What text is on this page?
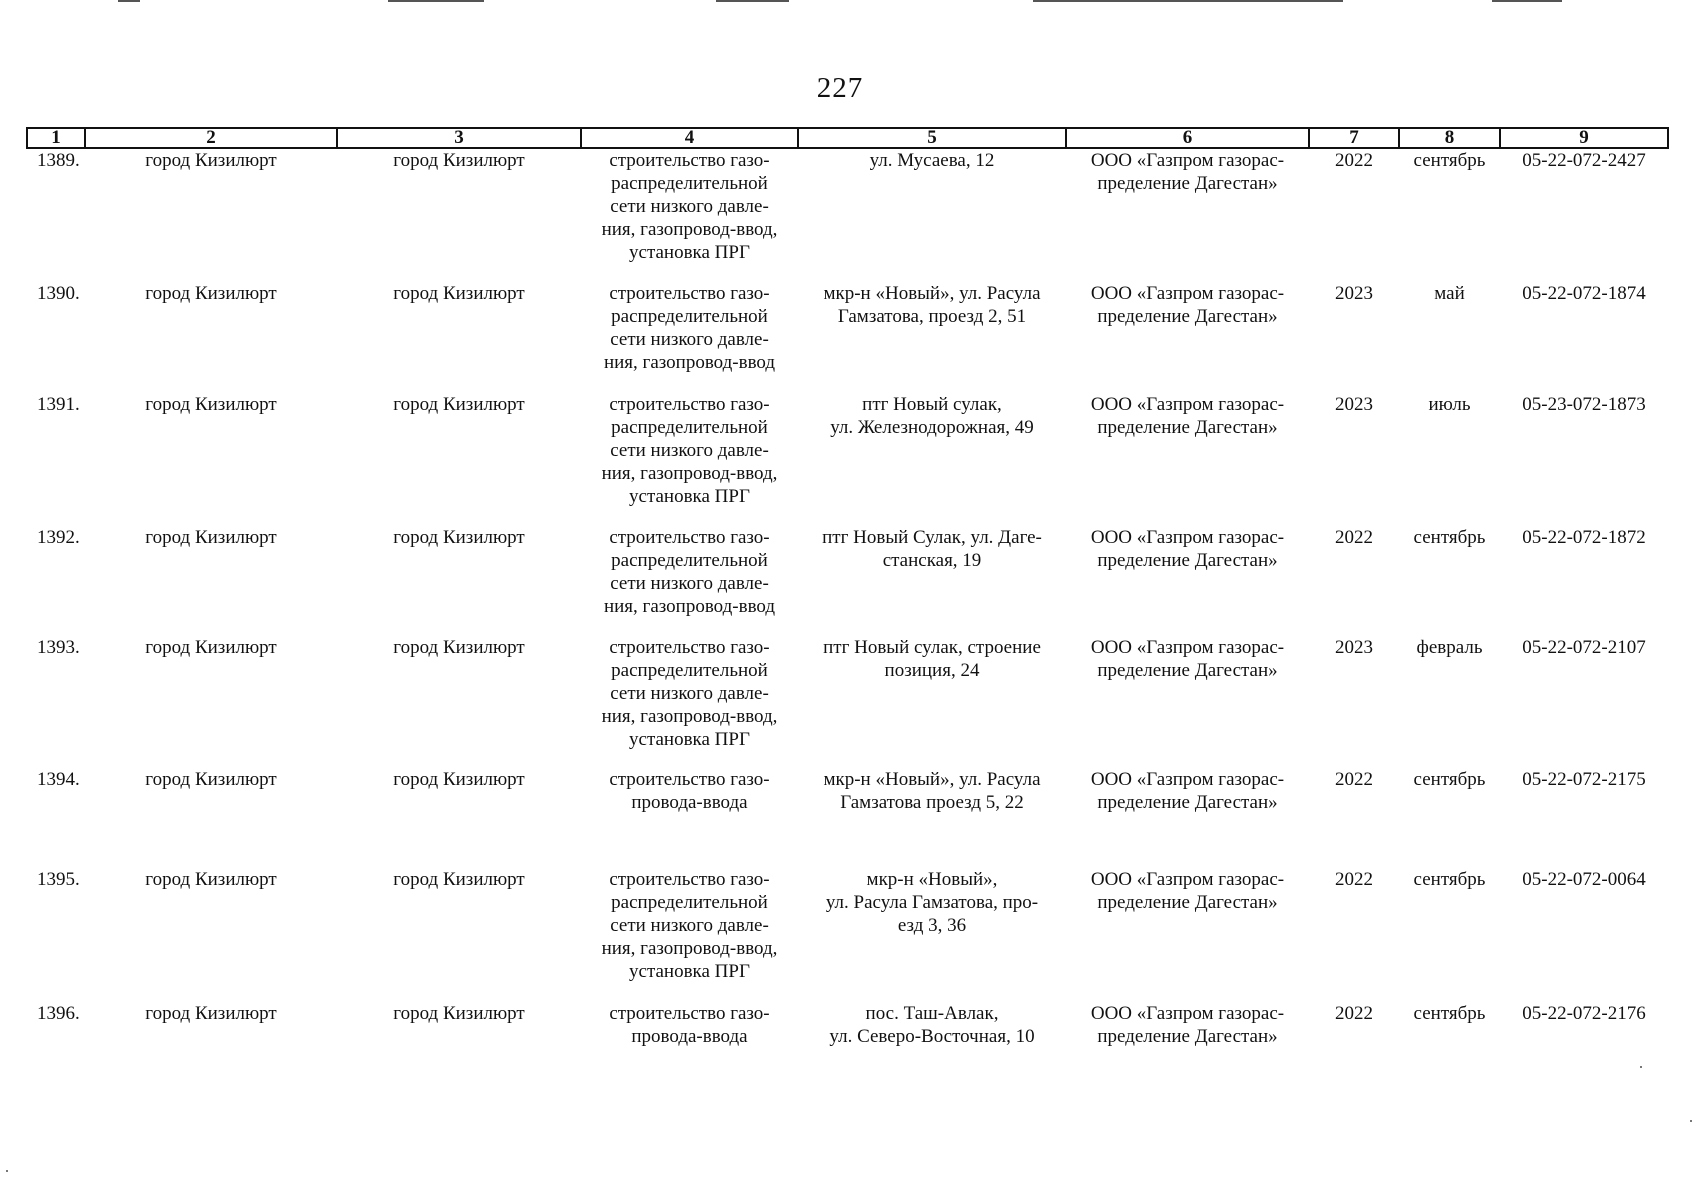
227
1	2	3	4	5	6	7	8	9
1389.	город Кизилюрт	город Кизилюрт	строительство газо-
распределительной
сети низкого давле-
ния, газопровод-ввод,
установка ПРГ	ул. Мусаева, 12	ООО «Газпром газорас-
пределение Дагестан»	2022	сентябрь	05-22-072-2427
1390.	город Кизилюрт	город Кизилюрт	строительство газо-
распределительной
сети низкого давле-
ния, газопровод-ввод	мкр-н «Новый», ул. Расула
Гамзатова, проезд 2, 51	ООО «Газпром газорас-
пределение Дагестан»	2023	май	05-22-072-1874
1391.	город Кизилюрт	город Кизилюрт	строительство газо-
распределительной
сети низкого давле-
ния, газопровод-ввод,
установка ПРГ	птг Новый сулак,
ул. Железнодорожная, 49	ООО «Газпром газорас-
пределение Дагестан»	2023	июль	05-23-072-1873
1392.	город Кизилюрт	город Кизилюрт	строительство газо-
распределительной
сети низкого давле-
ния, газопровод-ввод	птг Новый Сулак, ул. Даге-
станская, 19	ООО «Газпром газорас-
пределение Дагестан»	2022	сентябрь	05-22-072-1872
1393.	город Кизилюрт	город Кизилюрт	строительство газо-
распределительной
сети низкого давле-
ния, газопровод-ввод,
установка ПРГ	птг Новый сулак, строение
позиция, 24	ООО «Газпром газорас-
пределение Дагестан»	2023	февраль	05-22-072-2107
1394.	город Кизилюрт	город Кизилюрт	строительство газо-
провода-ввода	мкр-н «Новый», ул. Расула
Гамзатова проезд 5, 22	ООО «Газпром газорас-
пределение Дагестан»	2022	сентябрь	05-22-072-2175
1395.	город Кизилюрт	город Кизилюрт	строительство газо-
распределительной
сети низкого давле-
ния, газопровод-ввод,
установка ПРГ	мкр-н «Новый»,
ул. Расула Гамзатова, про-
езд 3, 36	ООО «Газпром газорас-
пределение Дагестан»	2022	сентябрь	05-22-072-0064
1396.	город Кизилюрт	город Кизилюрт	строительство газо-
провода-ввода	пос. Таш-Авлак,
ул. Северо-Восточная, 10	ООО «Газпром газорас-
пределение Дагестан»	2022	сентябрь	05-22-072-2176
